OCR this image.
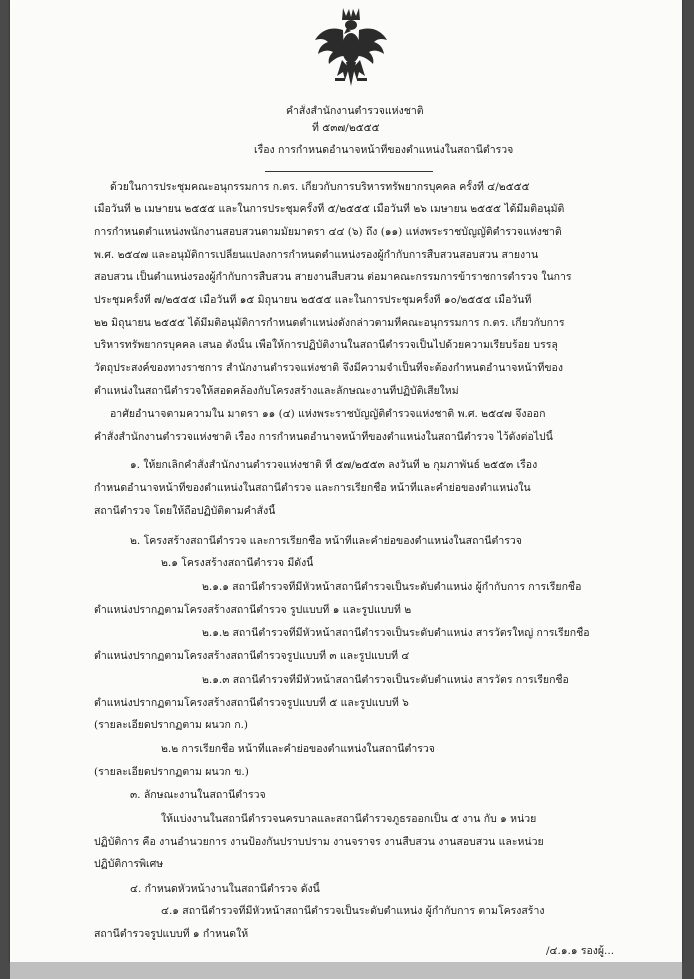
คำสั่งสำนักงานตำรวจแห่งชาติ
ที่ ๕๓๗/๒๕๕๕
เรื่อง การกำหนดอำนาจหน้าที่ของตำแหน่งในสถานีตำรวจ
ด้วยในการประชุมคณะอนุกรรมการ ก.ตร. เกี่ยวกับการบริหารทรัพยากรบุคคล ครั้งที่ ๔/๒๕๕๕
เมื่อวันที่ ๒ เมษายน ๒๕๕๕ และในการประชุมครั้งที่ ๕/๒๕๕๕ เมื่อวันที่ ๒๖ เมษายน ๒๕๕๕ ได้มีมติอนุมัติ
การกำหนดตำแหน่งพนักงานสอบสวนตามมัยมาตรา ๔๔ (๖) ถึง (๑๑) แห่งพระราชบัญญัติตำรวจแห่งชาติ
พ.ศ. ๒๕๔๗ และอนุมัติการเปลี่ยนแปลงการกำหนดตำแหน่งรองผู้กำกับการสืบสวนสอบสวน สายงาน
สอบสวน เป็นตำแหน่งรองผู้กำกับการสืบสวน สายงานสืบสวน ต่อมาคณะกรรมการข้าราชการตำรวจ ในการ
ประชุมครั้งที่ ๗/๒๕๕๕ เมื่อวันที่ ๑๕ มิถุนายน ๒๕๕๕ และในการประชุมครั้งที่ ๑๐/๒๕๕๕ เมื่อวันที่
๒๒ มิถุนายน ๒๕๕๕ ได้มีมติอนุมัติการกำหนดตำแหน่งดังกล่าวตามที่คณะอนุกรรมการ ก.ตร. เกี่ยวกับการ
บริหารทรัพยากรบุคคล เสนอ ดังนั้น เพื่อให้การปฏิบัติงานในสถานีตำรวจเป็นไปด้วยความเรียบร้อย บรรลุ
วัตถุประสงค์ของทางราชการ สำนักงานตำรวจแห่งชาติ จึงมีความจำเป็นที่จะต้องกำหนดอำนาจหน้าที่ของ
ตำแหน่งในสถานีตำรวจให้สอดคล้องกับโครงสร้างและลักษณะงานที่ปฏิบัติเสียใหม่
อาศัยอำนาจตามความใน มาตรา ๑๑ (๔) แห่งพระราชบัญญัติตำรวจแห่งชาติ พ.ศ. ๒๕๔๗ จึงออก
คำสั่งสำนักงานตำรวจแห่งชาติ เรื่อง การกำหนดอำนาจหน้าที่ของตำแหน่งในสถานีตำรวจ ไว้ดังต่อไปนี้
๑. ให้ยกเลิกคำสั่งสำนักงานตำรวจแห่งชาติ ที่ ๕๗/๒๕๕๓ ลงวันที่ ๒ กุมภาพันธ์ ๒๕๕๓ เรื่อง
กำหนดอำนาจหน้าที่ของตำแหน่งในสถานีตำรวจ และการเรียกชื่อ หน้าที่และคำย่อของตำแหน่งใน
สถานีตำรวจ โดยให้ถือปฏิบัติตามคำสั่งนี้
๒. โครงสร้างสถานีตำรวจ และการเรียกชื่อ หน้าที่และคำย่อของตำแหน่งในสถานีตำรวจ
๒.๑ โครงสร้างสถานีตำรวจ มีดังนี้
๒.๑.๑ สถานีตำรวจที่มีหัวหน้าสถานีตำรวจเป็นระดับตำแหน่ง ผู้กำกับการ การเรียกชื่อ
ตำแหน่งปรากฏตามโครงสร้างสถานีตำรวจ รูปแบบที่ ๑ และรูปแบบที่ ๒
๒.๑.๒ สถานีตำรวจที่มีหัวหน้าสถานีตำรวจเป็นระดับตำแหน่ง สารวัตรใหญ่ การเรียกชื่อ
ตำแหน่งปรากฏตามโครงสร้างสถานีตำรวจรูปแบบที่ ๓ และรูปแบบที่ ๔
๒.๑.๓ สถานีตำรวจที่มีหัวหน้าสถานีตำรวจเป็นระดับตำแหน่ง สารวัตร การเรียกชื่อ
ตำแหน่งปรากฏตามโครงสร้างสถานีตำรวจรูปแบบที่ ๕ และรูปแบบที่ ๖
(รายละเอียดปรากฏตาม ผนวก ก.)
๒.๒ การเรียกชื่อ หน้าที่และคำย่อของตำแหน่งในสถานีตำรวจ
(รายละเอียดปรากฏตาม ผนวก ข.)
๓. ลักษณะงานในสถานีตำรวจ
ให้แบ่งงานในสถานีตำรวจนครบาลและสถานีตำรวจภูธรออกเป็น ๕ งาน กับ ๑ หน่วย
ปฏิบัติการ คือ งานอำนวยการ งานป้องกันปราบปราม งานจราจร งานสืบสวน งานสอบสวน และหน่วย
ปฏิบัติการพิเศษ
๔. กำหนดหัวหน้างานในสถานีตำรวจ ดังนี้
๔.๑ สถานีตำรวจที่มีหัวหน้าสถานีตำรวจเป็นระดับตำแหน่ง ผู้กำกับการ ตามโครงสร้าง
สถานีตำรวจรูปแบบที่ ๑ กำหนดให้
/๔.๑.๑ รองผู้...
